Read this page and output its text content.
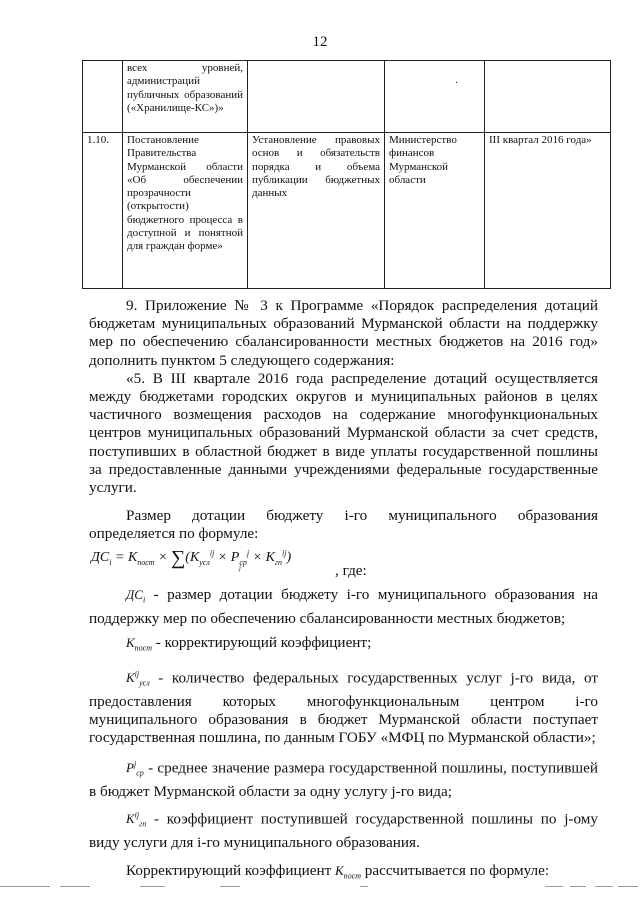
12
	всех уровней, администраций публичных образований («Хранилище-КС»)»		.	

1.10.	Постановление Правительства Мурманской области «Об обеспечении прозрачности (открытости) бюджетного процесса в доступной и понятной для граждан форме»	Установление правовых основ и обязательств порядка и объема публикации бюджетных данных	Министерство финансов Мурманской области	III квартал 2016 года»

9. Приложение № 3 к Программе «Порядок распределения дотаций бюджетам муниципальных образований Мурманской области на поддержку мер по обеспечению сбалансированности местных бюджетов на 2016 год» дополнить пунктом 5 следующего содержания:

«5. В III квартале 2016 года распределение дотаций осуществляется между бюджетами городских округов и муниципальных районов в целях частичного возмещения расходов на содержание многофункциональных центров муниципальных образований Мурманской области за счет средств, поступивших в областной бюджет в виде уплаты государственной пошлины за предоставленные данными учреждениями федеральные государственные услуги.

Размер дотации бюджету i-го муниципального образования определяется по формуле:

$ДС_i = К_{пост} \times \sum(К_{усл}^{ij} \times P_{ср}^j \times К_{гп}^{ij})$
j	, где:

$ДС_i$ - размер дотации бюджету i-го муниципального образования на поддержку мер по обеспечению сбалансированности местных бюджетов;

$К_{пост}$ - корректирующий коэффициент;

$К^{ij}_{усл}$ - количество федеральных государственных услуг j-го вида, от предоставления которых многофункциональным центром i-го муниципального образования в бюджет Мурманской области поступает государственная пошлина, по данным ГОБУ «МФЦ по Мурманской области»;

$P^j_{ср}$ - среднее значение размера государственной пошлины, поступившей в бюджет Мурманской области за одну услугу j-го вида;

$К^{ij}_{гп}$ - коэффициент поступившей государственной пошлины по j-ому виду услуги для i-го муниципального образования.

Корректирующий коэффициент $К_{пост}$ рассчитывается по формуле:
